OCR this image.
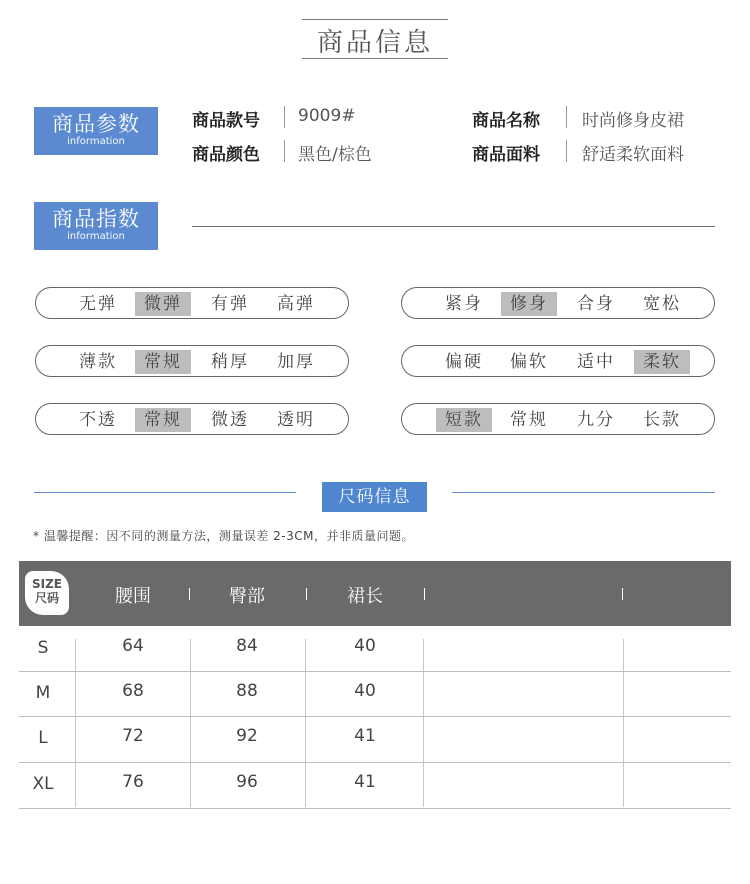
商品信息
商品参数
information
商品款号 9009#	商品名称 时尚修身皮裙
商品颜色 黑色/棕色	商品面料 舒适柔软面料
商品指数
information
无弹	微弹	有弹	高弹	紧身	修身	合身	宽松
薄款	常规	稍厚	加厚	偏硬	偏软	适中	柔软
不透	常规	微透	透明	短款	常规	九分	长款
尺码信息
* 温馨提醒：因不同的测量方法，测量误差 2-3CM，并非质量问题。
SIZE
尺码	腰围	臀部	裙长
S	64	84	40
M	68	88	40
L	72	92	41
XL	76	96	41
